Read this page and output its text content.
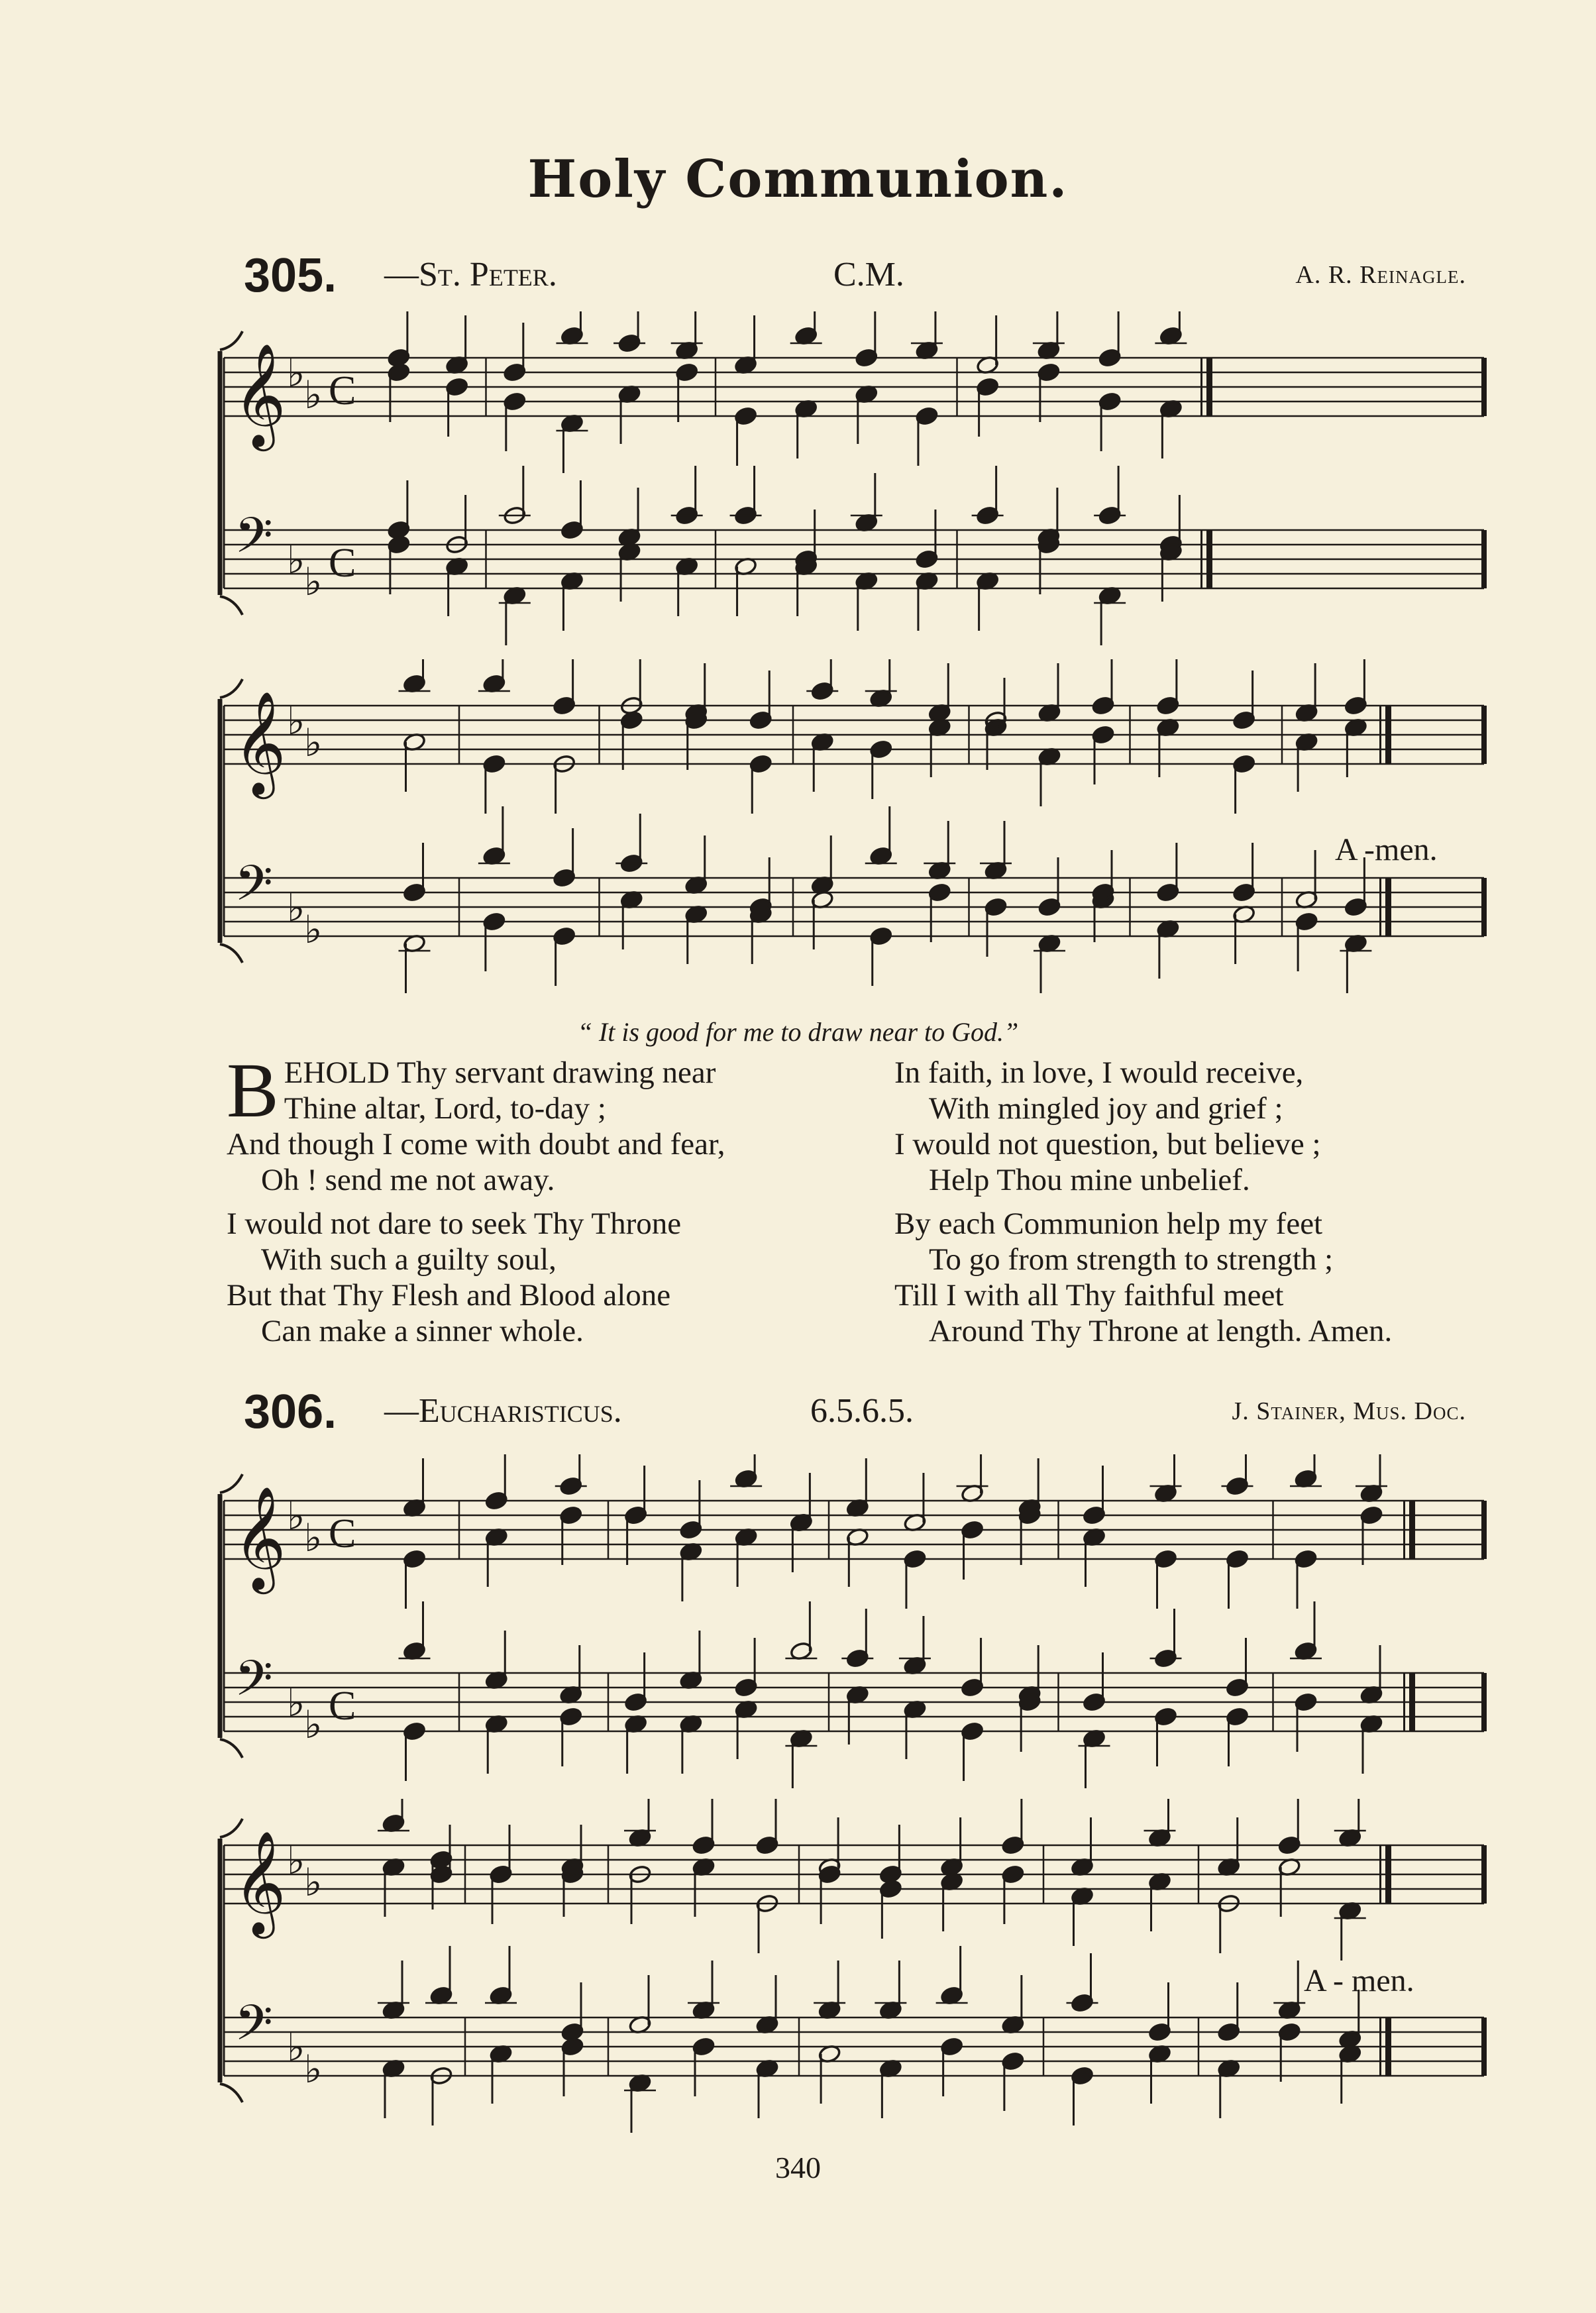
Holy Communion.
305. —St. Peter.	C.M.	A. R. Reinagle.
𝄞
𝄢
♭
♭
♭
♭
C
C
𝄞
𝄢
♭
♭
♭
♭
A -men.
“ It is good for me to draw near to God.”
B EHOLD Thy servant drawing near
Thine altar, Lord, to-day ;
And though I come with doubt and fear,
Oh ! send me not away.
I would not dare to seek Thy Throne
With such a guilty soul,
But that Thy Flesh and Blood alone
Can make a sinner whole.
In faith, in love, I would receive,
With mingled joy and grief ;
I would not question, but believe ;
Help Thou mine unbelief.
By each Communion help my feet
To go from strength to strength ;
Till I with all Thy faithful meet
Around Thy Throne at length. Amen.
306. —Eucharisticus.	6.5.6.5.	J. Stainer, Mus. Doc.
𝄞
𝄢
♭
♭
♭
♭
C
C
𝄞
𝄢
♭
♭
♭
♭
A - men.
340
